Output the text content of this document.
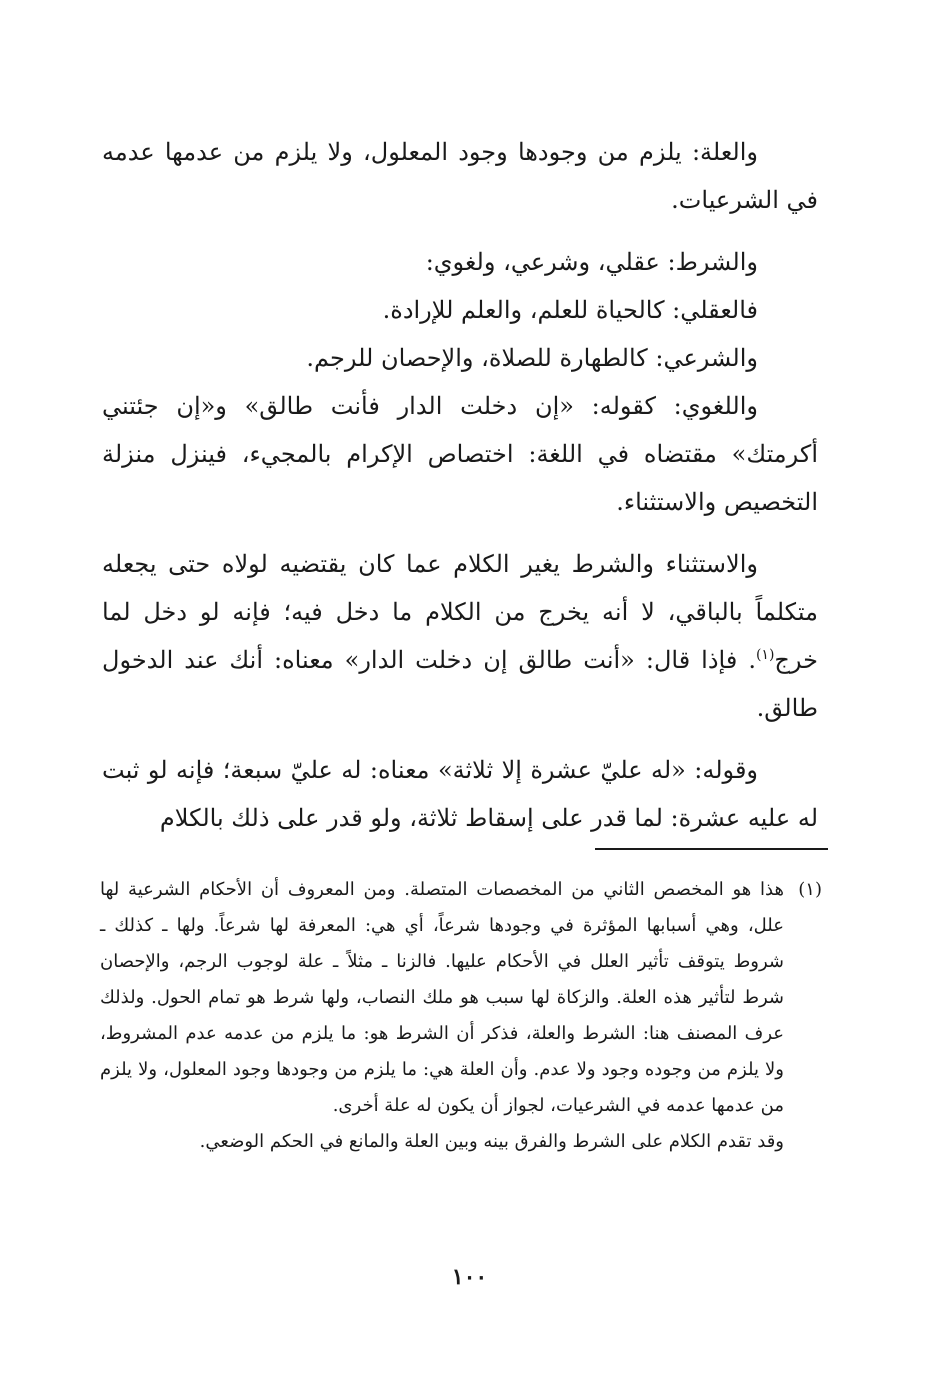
والعلة: يلزم من وجودها وجود المعلول، ولا يلزم من عدمها عدمه في الشرعيات.

والشرط: عقلي، وشرعي، ولغوي:

فالعقلي: كالحياة للعلم، والعلم للإرادة.

والشرعي: كالطهارة للصلاة، والإحصان للرجم.

واللغوي: كقوله: «إن دخلت الدار فأنت طالق» و«إن جئتني أكرمتك» مقتضاه في اللغة: اختصاص الإكرام بالمجيء، فينزل منزلة التخصيص والاستثناء.

والاستثناء والشرط يغير الكلام عما كان يقتضيه لولاه حتى يجعله متكلماً بالباقي، لا أنه يخرج من الكلام ما دخل فيه؛ فإنه لو دخل لما خرج$^{(١)}$. فإذا قال: «أنت طالق إن دخلت الدار» معناه: أنك عند الدخول طالق.

وقوله: «له عليّ عشرة إلا ثلاثة» معناه: له عليّ سبعة؛ فإنه لو ثبت له عليه عشرة: لما قدر على إسقاط ثلاثة، ولو قدر على ذلك بالكلام

(١)
هذا هو المخصص الثاني من المخصصات المتصلة. ومن المعروف أن الأحكام الشرعية لها علل، وهي أسبابها المؤثرة في وجودها شرعاً، أي هي: المعرفة لها شرعاً. ولها ـ كذلك ـ شروط يتوقف تأثير العلل في الأحكام عليها. فالزنا ـ مثلاً ـ علة لوجوب الرجم، والإحصان شرط لتأثير هذه العلة. والزكاة لها سبب هو ملك النصاب، ولها شرط هو تمام الحول. ولذلك عرف المصنف هنا: الشرط والعلة، فذكر أن الشرط هو: ما يلزم من عدمه عدم المشروط، ولا يلزم من وجوده وجود ولا عدم. وأن العلة هي: ما يلزم من وجودها وجود المعلول، ولا يلزم من عدمها عدمه في الشرعيات، لجواز أن يكون له علة أخرى.

وقد تقدم الكلام على الشرط والفرق بينه وبين العلة والمانع في الحكم الوضعي.

١٠٠
